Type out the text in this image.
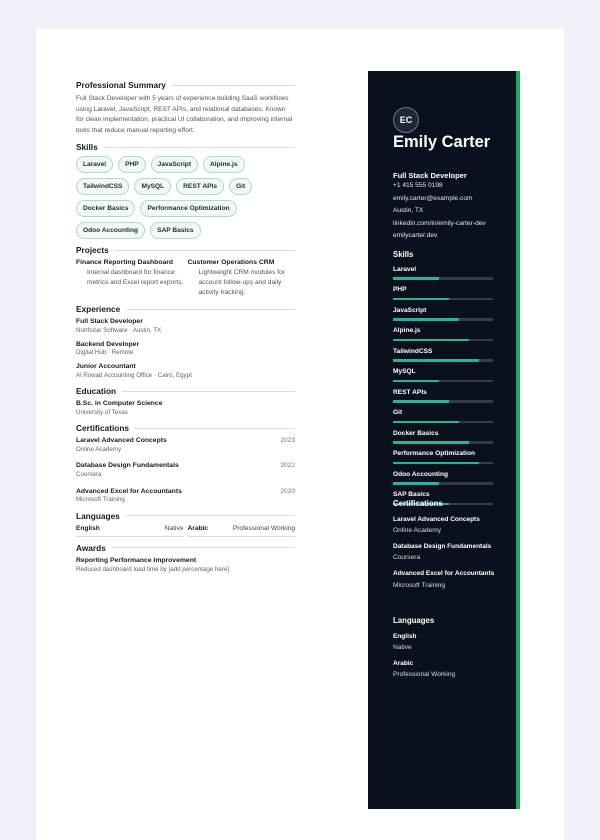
Professional Summary

Full Stack Developer with 5 years of experience building SaaS workflows using Laravel, JavaScript, REST APIs, and relational databases. Known for clean implementation, practical UI collaboration, and improving internal tools that reduce manual reporting effort.

Skills
Laravel	PHP	JavaScript	Alpine.js
TailwindCSS	MySQL	REST APIs	Git
Docker Basics	Performance Optimization
Odoo Accounting	SAP Basics
Projects
Finance Reporting Dashboard
Internal dashboard for finance metrics and Excel report exports.
Customer Operations CRM
Lightweight CRM modules for account follow-ups and daily activity tracking.
Experience
Full Stack Developer
Northstar Software · Austin, TX
Backend Developer
Digital Hub · Remote
Junior Accountant
Al Rowad Accounting Office · Cairo, Egypt
Education
B.Sc. in Computer Science
University of Texas
Certifications
Laravel Advanced Concepts
Online Academy
2023
Database Design Fundamentals
Coursera
2022
Advanced Excel for Accountants
Microsoft Training
2020
Languages
English	Native Arabic	Professional Working
Awards
Reporting Performance Improvement
Reduced dashboard load time by [add percentage here]
EC
Emily Carter
Full Stack Developer
+1 415 555 0198
emily.carter@example.com
Austin, TX
linkedin.com/in/emily-carter-dev
emilycarter.dev
Skills
Laravel
PHP
JavaScript
Alpine.js
TailwindCSS
MySQL
REST APIs
Git
Docker Basics
Performance Optimization
Odoo Accounting
SAP Basics
Certifications
Laravel Advanced Concepts
Online Academy
Database Design Fundamentals
Coursera
Advanced Excel for Accountants
Microsoft Training
Languages
English
Native
Arabic
Professional Working
